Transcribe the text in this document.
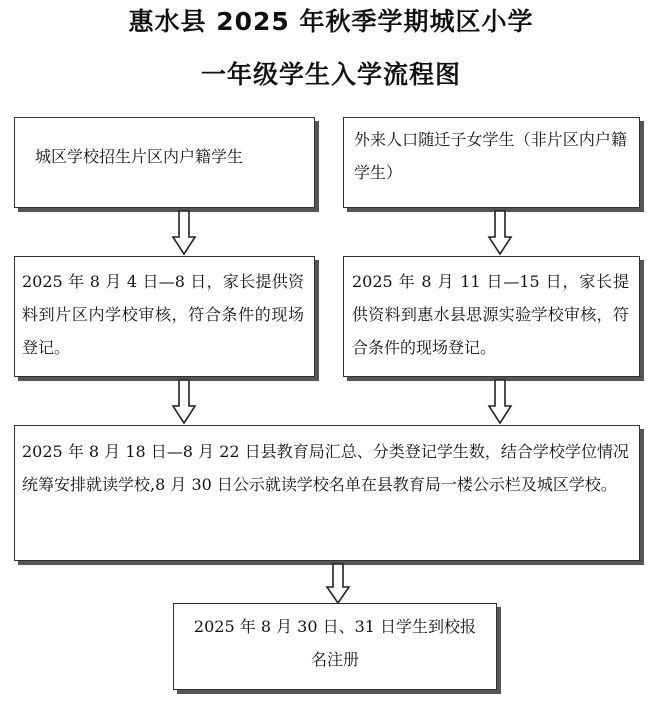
惠水县 2025 年秋季学期城区小学
一年级学生入学流程图
城区学校招生片区内户籍学生
外来人口随迁子女学生（非片区内户籍学生）
2025 年 8 月 4 日—8 日，家长提供资料到片区内学校审核，符合条件的现场登记。
2025 年 8 月 11 日—15 日，家长提供资料到惠水县思源实验学校审核，符合条件的现场登记。
2025 年 8 月 18 日—8 月 22 日县教育局汇总、分类登记学生数，结合学校学位情况统筹安排就读学校,8 月 30 日公示就读学校名单在县教育局一楼公示栏及城区学校。
2025 年 8 月 30 日、31 日学生到校报名注册
